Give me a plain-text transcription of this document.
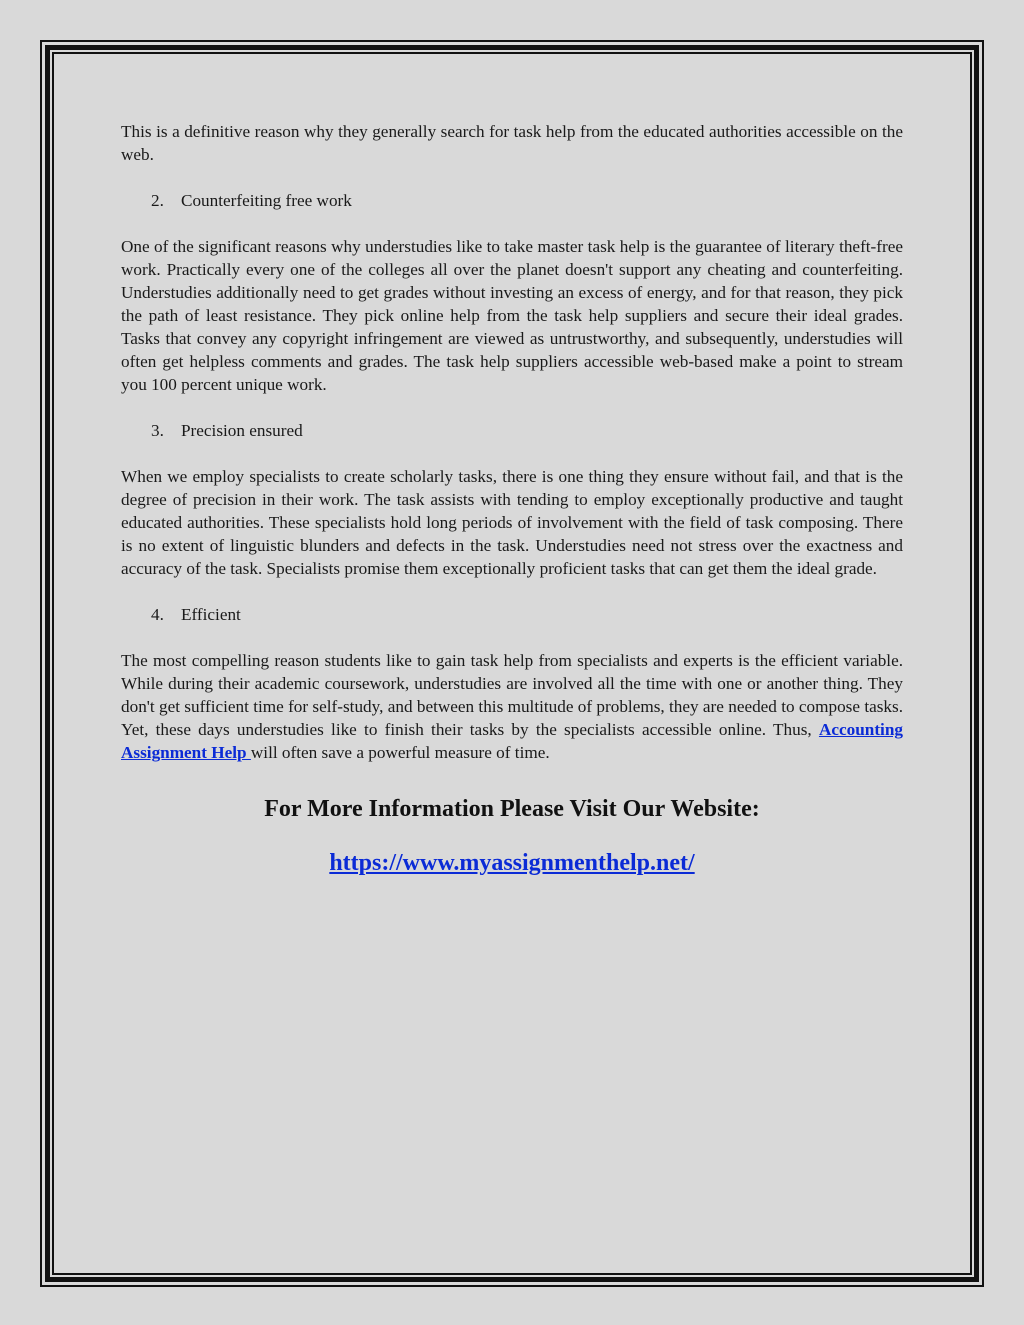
This is a definitive reason why they generally search for task help from the educated authorities accessible on the web.

2. Counterfeiting free work

One of the significant reasons why understudies like to take master task help is the guarantee of literary theft-free work. Practically every one of the colleges all over the planet doesn't support any cheating and counterfeiting. Understudies additionally need to get grades without investing an excess of energy, and for that reason, they pick the path of least resistance. They pick online help from the task help suppliers and secure their ideal grades. Tasks that convey any copyright infringement are viewed as untrustworthy, and subsequently, understudies will often get helpless comments and grades. The task help suppliers accessible web-based make a point to stream you 100 percent unique work.

3. Precision ensured

When we employ specialists to create scholarly tasks, there is one thing they ensure without fail, and that is the degree of precision in their work. The task assists with tending to employ exceptionally productive and taught educated authorities. These specialists hold long periods of involvement with the field of task composing. There is no extent of linguistic blunders and defects in the task. Understudies need not stress over the exactness and accuracy of the task. Specialists promise them exceptionally proficient tasks that can get them the ideal grade.

4. Efficient

The most compelling reason students like to gain task help from specialists and experts is the efficient variable. While during their academic coursework, understudies are involved all the time with one or another thing. They don't get sufficient time for self-study, and between this multitude of problems, they are needed to compose tasks. Yet, these days understudies like to finish their tasks by the specialists accessible online. Thus, Accounting Assignment Help will often save a powerful measure of time.

For More Information Please Visit Our Website:
https://www.myassignmenthelp.net/
